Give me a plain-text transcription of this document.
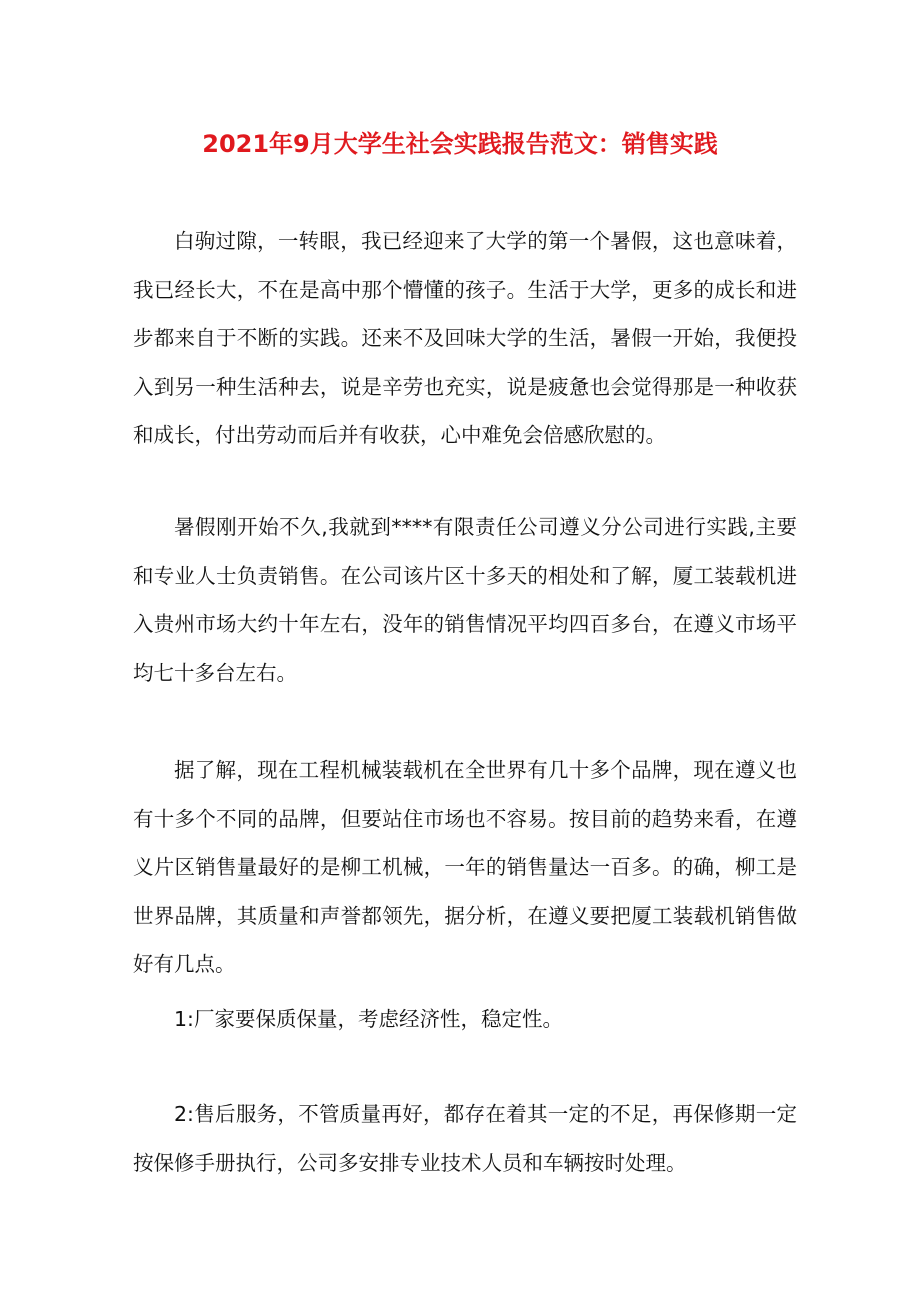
2021年9月大学生社会实践报告范文：销售实践

白驹过隙，一转眼，我已经迎来了大学的第一个暑假，这也意味着，我已经长大，不在是高中那个懵懂的孩子。生活于大学，更多的成长和进步都来自于不断的实践。还来不及回味大学的生活，暑假一开始，我便投入到另一种生活种去，说是辛劳也充实，说是疲惫也会觉得那是一种收获和成长，付出劳动而后并有收获，心中难免会倍感欣慰的。

暑假刚开始不久,我就到****有限责任公司遵义分公司进行实践,主要和专业人士负责销售。在公司该片区十多天的相处和了解，厦工装载机进入贵州市场大约十年左右，没年的销售情况平均四百多台，在遵义市场平均七十多台左右。

据了解，现在工程机械装载机在全世界有几十多个品牌，现在遵义也有十多个不同的品牌，但要站住市场也不容易。按目前的趋势来看，在遵义片区销售量最好的是柳工机械，一年的销售量达一百多。的确，柳工是世界品牌，其质量和声誉都领先，据分析，在遵义要把厦工装载机销售做好有几点。

1:厂家要保质保量，考虑经济性，稳定性。

2:售后服务，不管质量再好，都存在着其一定的不足，再保修期一定按保修手册执行，公司多安排专业技术人员和车辆按时处理。
